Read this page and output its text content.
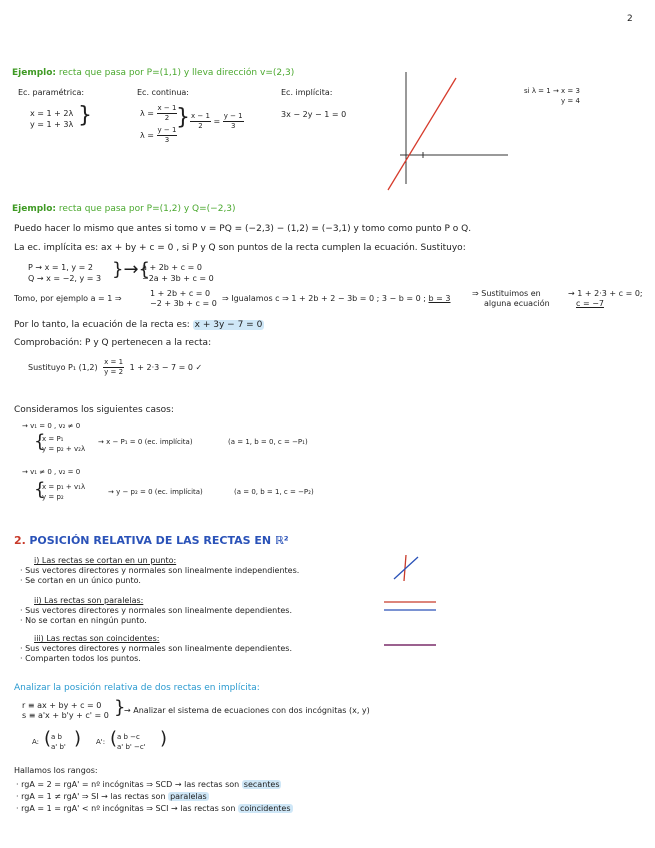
2
Ejemplo: recta que pasa por P=(1,1) y lleva dirección v=(2,3)
Ec. paramétrica:
x = 1 + 2λ
y = 1 + 3λ }
Ec. continua:
$\lambda = \frac{x - 1}{2}$
$\lambda = \frac{y - 1}{3}$
} $\frac{x - 1}{2} = \frac{y - 1}{3}$
Ec. implícita:
3x − 2y − 1 = 0
si λ = 1 → x = 3
y = 4
Ejemplo: recta que pasa por P=(1,2) y Q=(−2,3)
Puedo hacer lo mismo que antes si tomo v = PQ = (−2,3) − (1,2) = (−3,1) y tomo como punto P o Q.
La ec. implícita es: ax + by + c = 0 , si P y Q son puntos de la recta cumplen la ecuación. Sustituyo:
P → x = 1, y = 2
Q → x = −2, y = 3 }→{
a + 2b + c = 0
−2a + 3b + c = 0
Tomo, por ejemplo a = 1 ⇒
1 + 2b + c = 0
−2 + 3b + c = 0
⇒ Igualamos c ⇒ 1 + 2b + 2 − 3b = 0 ; 3 − b = 0 ; b = 3
⇒ Sustituimos en
alguna ecuación
→ 1 + 2·3 + c = 0;
c = −7
Por lo tanto, la ecuación de la recta es: x + 3y − 7 = 0
Comprobación: P y Q pertenecen a la recta:
Sustituyo P₁ $(1,2) \frac{x = 1}{y = 2} 1 + 2\cdot 3 - 7 = 0$ ✓
Consideramos los siguientes casos:
→ v₁ = 0 , v₂ ≠ 0
{
x = P₁
y = p₂ + v₂λ
→ x − P₁ = 0 (ec. implícita)	(a = 1, b = 0, c = −P₁)
→ v₁ ≠ 0 , v₂ = 0
{
x = p₁ + v₁λ
y = p₂
→ y − p₂ = 0 (ec. implícita)	(a = 0, b = 1, c = −P₂)
2. POSICIÓN RELATIVA DE LAS RECTAS EN ℝ²
i) Las rectas se cortan en un punto:
· Sus vectores directores y normales son linealmente independientes.
· Se cortan en un único punto.
ii) Las rectas son paralelas:
· Sus vectores directores y normales son linealmente dependientes.
· No se cortan en ningún punto.
iii) Las rectas son coincidentes:
· Sus vectores directores y normales son linealmente dependientes.
· Comparten todos los puntos.
Analizar la posición relativa de dos rectas en implícita:
r ≡ ax + by + c = 0
s ≡ a'x + b'y + c' = 0 }
→ Analizar el sistema de ecuaciones con dos incógnitas (x, y)
A: ( a b
a' b' ) A': ( a b −c
a' b' −c' )
Hallamos los rangos:
· rgA = 2 = rgA' = nº incógnitas ⇒ SCD → las rectas son secantes
· rgA = 1 ≠ rgA' ⇒ SI → las rectas son paralelas
· rgA = 1 = rgA' < nº incógnitas ⇒ SCI → las rectas son coincidentes
